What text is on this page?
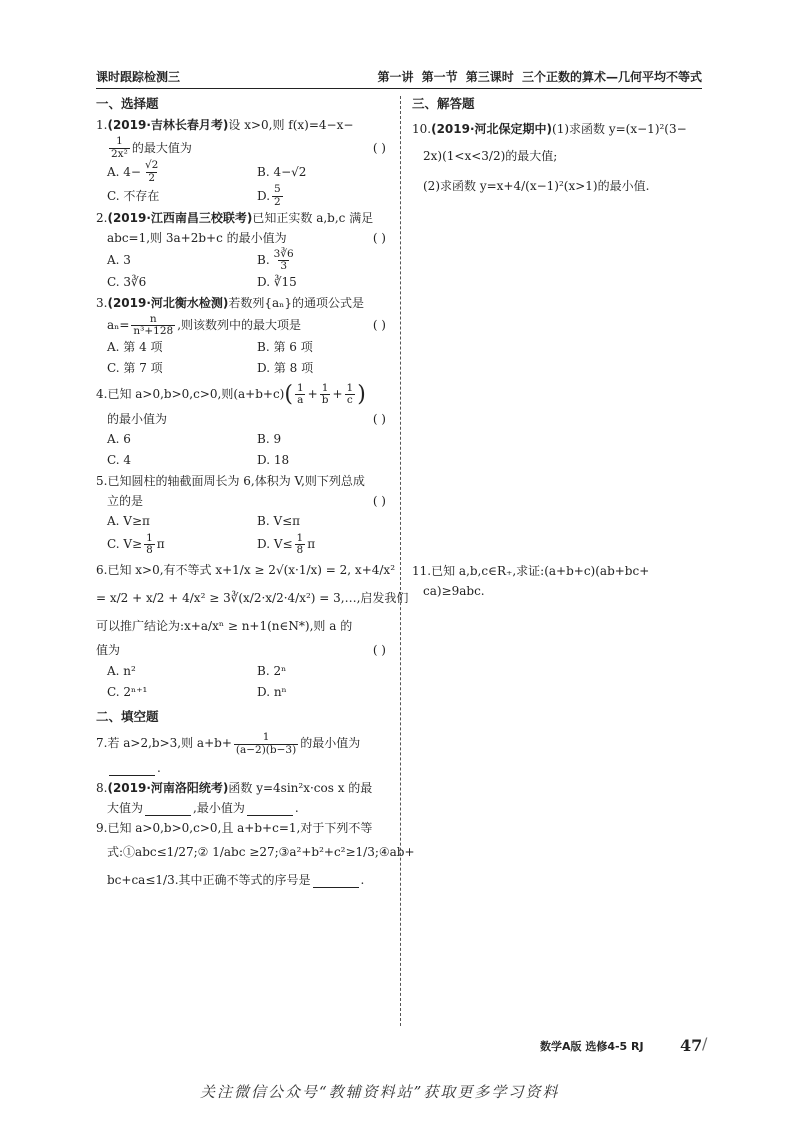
课时跟踪检测三	第一讲 第一节 第三课时 三个正数的算术—几何平均不等式
一、选择题
1. (2019·吉林长春月考) 设 x>0,则 f(x)=4−x−
$\frac{1}{\text{2x²}}$ 的最大值为	( )
A. $4- \frac{√2}{2}$	B. 4−√2
C. 不存在	D. $\frac{5}{2}$
2. (2019·江西南昌三校联考) 已知正实数 a,b,c 满足
abc=1,则 3a+2b+c 的最小值为	( )
A. 3	B. $\frac{3∛6}{3}$
C. 3∛6	D. ∛15
3. (2019·河北衡水检测) 若数列{aₙ}的通项公式是
$a_n= \frac{n}{\text{n³+128}}$ ,则该数列中的最大项是	( )
A. 第 4 项	B. 第 6 项
C. 第 7 项	D. 第 8 项
4. 已知 a>0,b>0,c>0,则(a+b+c) ( $\frac{1}{a} + \frac{1}{b} + \frac{1}{c}$ )
的最小值为	( )
A. 6	B. 9
C. 4	D. 18
5. 已知圆柱的轴截面周长为 6,体积为 V,则下列总成
立的是	( )
A. V≥π	B. V≤π
C. $V\ge \frac{1}{8}$ π	D. $V\le \frac{1}{8}$ π
6. 已知 x>0,有不等式 x+1/x ≥ 2√(x·1/x) = 2, x+4/x²
= x/2 + x/2 + 4/x² ≥ 3∛(x/2·x/2·4/x²) = 3,…,启发我们
可以推广结论为:x+a/xⁿ ≥ n+1(n∈N*),则 a 的
值为	( )
A. n²	B. 2ⁿ
C. 2ⁿ⁺¹	D. nⁿ
二、填空题
7. 若 a>2,b>3,则 $a+b+ \frac{1}{(a-2)(b-3)}$ 的最小值为
.
8. (2019·河南洛阳统考) 函数 y=4sin²x·cos x 的最
大值为	,最小值为	.
9. 已知 a>0,b>0,c>0,且 a+b+c=1,对于下列不等
式:①abc≤1/27;② 1/abc ≥27;③a²+b²+c²≥1/3;④ab+
bc+ca≤1/3.其中正确不等式的序号是	.
三、解答题
10. (2019·河北保定期中) (1)求函数 y=(x−1)²(3−
2x)(1<x<3/2)的最大值;
(2)求函数 y=x+4/(x−1)²(x>1)的最小值.
11. 已知 a,b,c∈R₊,求证:(a+b+c)(ab+bc+
ca)≥9abc.
数学A版 选修4-5 RJ 47 /
关注微信公众号“教辅资料站”获取更多学习资料
